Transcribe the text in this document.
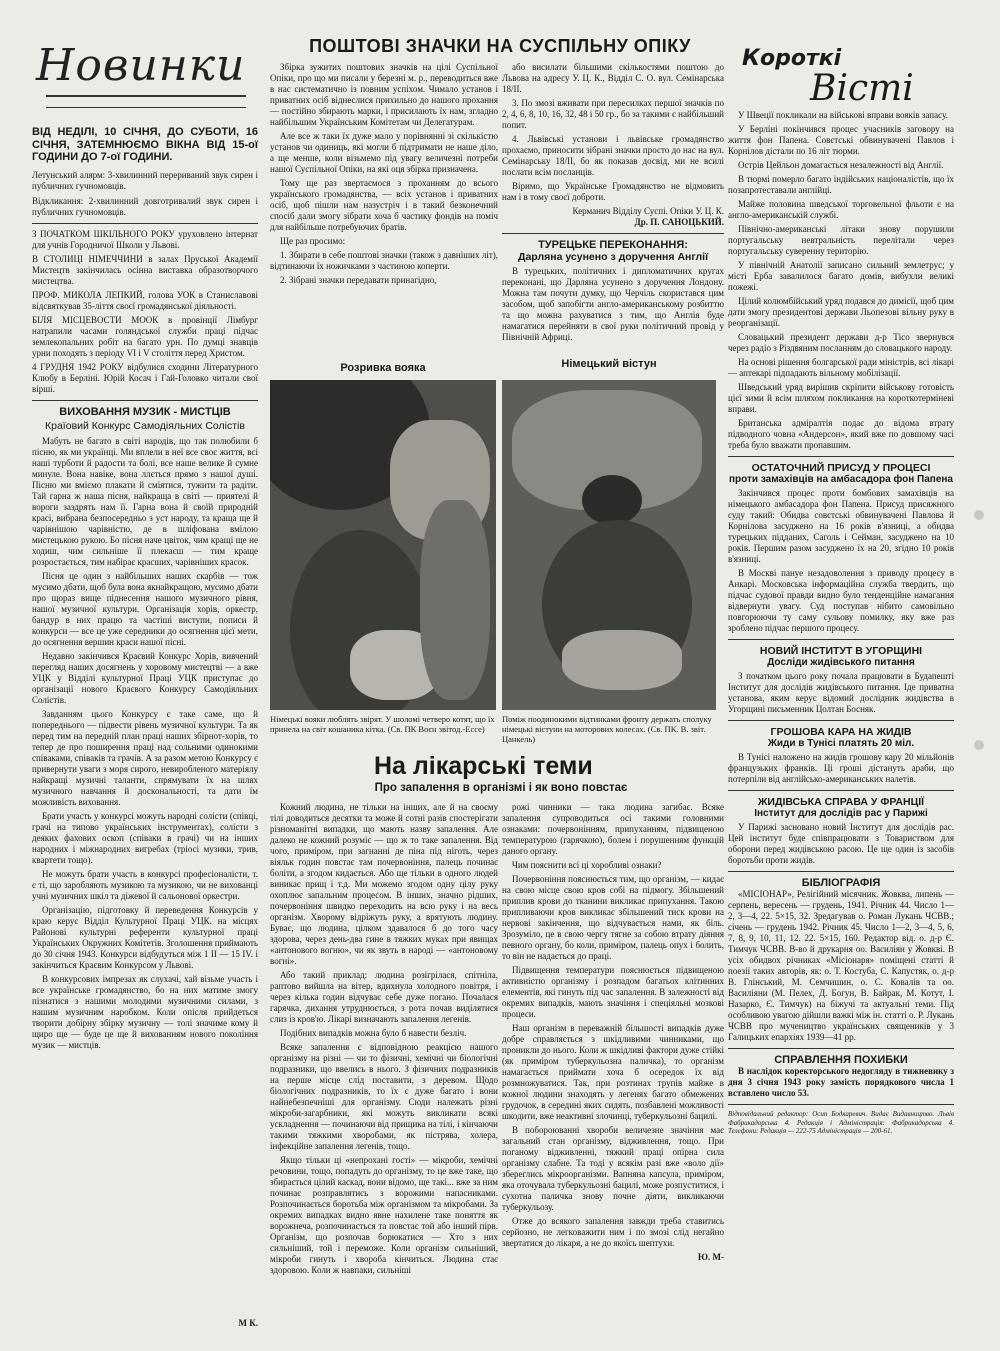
Новинки
ВІД НЕДІЛІ, 10 СІЧНЯ, ДО СУБОТИ, 16 СІЧНЯ, ЗАТЕМНЮЄМО ВІКНА ВІД 15-ої ГОДИНИ ДО 7-ої ГОДИНИ.
Летунський алярм: 3-хвилинний перериваний звук сирен і публичних гучномовців.
Відкликання: 2-хвилинний довготривалий звук сирен і публичних гучномовців.
З ПОЧАТКОМ ШКІЛЬНОГО РОКУ уруховлено інтернат для учнів Городничої Школи у Львові.
В СТОЛИЦІ НІМЕЧЧИНИ в залах Пруської Академії Мистецтв закінчилась осінна виставка образотворчого мистецтва.
ПРОФ. МИКОЛА ЛЕПКИЙ, голова УОК в Станиславові відсвяткував 35-ліття своєї громадянської діяльності.
БІЛЯ МІСЦЕВОСТИ МООК в провінції Лімбург натрапили часами голяндської служби праці підчас землекопальних робіт на багато урн. По думці знавців урни походять з періоду VI і V століття перед Христом.
4 ГРУДНЯ 1942 РОКУ відбулися сходини Літературного Клюбу в Берліні. Юрій Косач і Гай-Головко читали свої вірші.
ВИХОВАННЯ МУЗИК - МИСТЦІВ
Країовий Конкурс Самодіяльних Солістів

Мабуть не багато в світі народів, що так полюбили б пісню, як ми українці. Ми вплели в неї все своє життя, всі наші турботи й радости та болі, все наше велике й сумне минуле. Вона навіке, вона ллється прямо з нашої душі. Пісню ми вміємо плакати й сміятися, тужити та радіти. Тай гарна ж наша пісня, найкраща в світі — приятелі й вороги заздрять нам її. Гарна вона й своїй природній красі, вибрана безпосередньо з уст народу, та краща ще й чарівнішою чарівністю, де в шліфована вмілою мистецькою рукою. Бо пісня наче цвіток, чим кращі ще не ходиш, чим сильніше її плекаєш — тим краще розростається, тим набірає красших, чарівніших красок.

Пісня це один з найбільших наших скарбів — тож мусимо дбати, щоб була вона якнайкращою, мусимо дбати про щораз вище піднесення нашого музичного рівня, нашої музичної культури. Організація хорів, оркестр, бандур в них працю та частіші виступи, пописи й конкурси — все це уже середники до осягнення цієї мети, до осягнення вершин краси нашої пісні.

Недавно закінчився Краєвий Конкурс Хорів, вивчений перегляд наших досягнень у хоровому мистецтві — а вже УЦК у Відділі культурної Праці УЦК приступає до організації нового Краєвого Конкурсу Самодіяльних Солістів.

Завданням цього Конкурсу є таке саме, що й попереднього — підвести рівень музичної культури. Та як перед тим на передній план праці наших збірнот-хорів, то тепер де про поширення праці над сольними одинокими співаками, співаків та грачів. А за разом метою Конкурсу є привернути уваги з моря сирого, невиробленого матеріялу найкращі музичні таланти, спрямувати їх на шлях музичного навчання й доскональності, та дати їм можливість виховання.

Брати участь у конкурсі можуть народні солісти (співці, грачі на типово українських інструментах), солісти з деяких фахових оскоп (співаки в грачі) чи на інших народних і міжнародних вигребах (тріосі музики, трив, квартети тощо).

Не можуть брати участь в конкурсі професіоналісти, т. є ті, що заробляють музикою та музикою, чи не вихованці учні музичних шкіл та діжевої й сальонової оркестри.

Організацію, підготовку й переведення Конкурсів у краю керує Відділ Культурної Праці УЦК. на місцях Районові культурні референти культурної праці Українських Окружних Комітетів. Зголошення приймають до 30 січня 1943. Конкурси відбудуться між 1 II — 15 IV. і закінчиться Краєвим Конкурсом у Львові.

В конкурсових імпрезах як слухачі, хай візьме участь і все українське громадянство, бо на них матиме змогу пізнатися з нашими молодими музичними силами, з нашим музичним наробком. Коли опісля прийдеться творити добірну збірку музичну — толі значиме кому й щиро ще — буде це ще й вихованням нового покоління музик — мистців.

М К.
ПОШТОВІ ЗНАЧКИ НА СУСПІЛЬНУ ОПІКУ

Збірка зужитих поштових значків на цілі Суспільної Опіки, про що ми писали у березні м. р., переводиться вже в нас систематично із повним успіхом. Чимало установ і приватних осіб віднеслися прихильно до нашого прохання — постійно збирають марки, і присилають їх нам, згладно найбільшим Українським Комітетам чи Делегатурам.

Але все ж таки їх дуже мало у порівнянні зі скількістю установ чи одиниць, які могли б підтримати не наше діло, а ще менше, коли візьмемо під увагу величезні потреби нашої Суспільної Опіки, на які оця збірка призначена.

Тому ще раз звертаємося з проханням до всього українського громадянства, — всіх установ і приватних осіб, щоб пішли нам назустріч і в такий безконечний спосіб дали змогу зібрати хоча б частику фондів на поміч для найбільше потребуючих братів.

Ще раз просимо:

1. Збирати в себе поштові значки (також з давніших літ), відтинаючи їх ножичками з частиною коперти.

2. Зібрані значки передавати принагідно,

або висилати більшими скількостями поштою до Львова на адресу У. Ц. К., Відділ С. О. вул. Семінарська 18/II.

3. По змозі вживати при пересилках першої значків по 2, 4, 6, 8, 10, 16, 32, 48 і 50 гр., бо за такими є найбільший попит.

4. Львівські установи і львівське громадянство прохаємо, приносити зібрані значки просто до нас на вул. Семінарську 18/II, бо як показав досвід, ми не всилі послати всім посланців.

Віримо, що Українське Громадянство не відмовить нам і в тому своєї доброти.

Керманич Відділу Суспі. Опіки У. Ц. К.
Др. П. САНОЦЬКИЙ.
ТУРЕЦЬКЕ ПЕРЕКОНАННЯ:
Дарляна усунено з доручення Англії

В турецьких, політичних і дипломатичних кругах переконані, що Дарляна усунено з доручення Лондону. Можна там почути думку, що Черчіль скористався цим засобом, щоб запобігти англо-американському розбиттю та що можна рахуватися з тим, що Англія буде намагатися перейняти в свої руки політичний провід у Північній Африці.

Розривка вояка
Німецькі вояки люблять звірят. У шоломі четверо котят, що їх принела на світ кошаника кітка. (Св. ПК Воєн звітод.-Ессе)
Німецький вістун
Поміж поодинокими відтинками фронту держать сполуку німецькі вістуни на моторових колесах. (Св. ПК. В. звіт. Цанкель)
На лікарські теми
Про запалення в організмі і як воно повстає

Кожний людина, не тільки на інших, але й на своєму тілі доводиться десятки та може й сотні разів спостерігати різноманітні випадки, що мають назву запалення. Але далеко не кожний розуміє — що ж то таке запалення. Від чого, приміром, при загнанні де піна під ніготь, через віяльк годин повстає там почервоніння, палець починає боліти, а згодом кидається. Або ще тільки в одного людей виникає прищ і т.д. Ми можемо згодом одну цілу руку охоплює запальним процесом. В інших, значно рідших, почервоніння швидко переходить на всю руку і на весь організм. Хворому відріжуть руку, а врятують людину. Буває, що людина, цілком здавалося б до того часу здорова, через день-два гине в тяжких муках при явищах «антонового вогню», чи як звуть в народі — «антоновому вогні».

Або такий приклад: людина розігрілася, спітніла, раптово вийшла на вітер, вдихнула холодного повітря, і через кілька годин відчуває себе дуже погано. Почалася гарячка, дихання утруднюється, з рота почав виділятися слиз із кров'ю. Лікарі визначають запалення легенів.

Подібних випадків можна було б навести безліч.

Всяке запалення є відповідною реакцією нашого організму на різні — чи то фізичні, хемічні чи біологічні подразники, що ввелись в нього. З фізичних подразників на перше місце слід поставити, з деревом. Щодо біологічних подразників, то їх є дуже багато і вони найнебезпечніші для організму. Сюди належать різні мікроби-загарбники, які можуть викликати всякі ускладнення — починаючи від прищика на тілі, і кінчаючи такими тяжкими хворобами, як пістрява, холера, інфекційне запалення легенів, тощо.

Якщо тільки ці «непрохані гості» — мікроби, хемічні речовини, тощо, попадуть до організму, то це вже таке, що збирається цілий каскад, вони відомо, ще такі... вже за ним починає розправлятись з ворожими напасниками. Розпочинається боротьба між організмом та мікробами. За окремих випадках видно явне нахилене таке поняття як ворожнеча, розпочинається та повстає той або інший пірв. Організм, що розпочав борюкатися — Хто з них сильніший, той і переможе. Коли організм сильніший, мікроби гинуть і хвороба кінчиться. Людина стає здоровою. Коли ж навпаки, сильніші

рожі чинники — така людина загибає. Всяке запалення супроводиться осі такими головними ознаками: почервонінням, припуханням, підвищеною температурою (гарячкою), болем і порушенням функцій даного органу.

Чим пояснити всі ці хоробливі ознаки?

Почервоніння пояснюється тим, що організм, — кидає на свою місце свою кров собі на підмогу. Збільшений приплив крови до тканини викликає припухання. Такою припливаючи кров викликає збільшений тиск крови на нервові закінчення, що відчувається нами, як біль. Зрозуміло, це в свою чергу тягне за собою втрату діяння певного органу, бо коли, приміром, палець опух і болить, то він не надається до праці.

Підвищення температури пояснюється підвищеною активністю організму і розпадом багатьох клітинних елементів, які гинуть під час запалення. В залежності від окремих випадків, мають значіння і спеціяльні мозкові процеси.

Наш організм в переважній більшості випадків дуже добре справляється з шкідливими чинниками, що проникли до нього. Коли ж шкідливі фактори дуже стійкі (як приміром туберкульозна паличка), то організм намагається приймати хоча б осередок їх від розмножуватися. Так, при розтинах трупів майже в кожної людини знаходять у легенях багато обмежених грудочок, в середині яких сидять, позбавлені можливості шкодити, вже неактивні злочинці, туберкульозні бацилі.

В побороюванні хвороби величезне значіння має загальний стан організму, відживлення, тощо. При поганому відживленні, тяжкий праці опірна сила організму слабне. Та тоді у всякім разі вже «воло дії» збереглись мікроорганізми. Вапняна капсула, приміром, яка оточувала туберкульозні бацилі, може розпуститися, і сухотна паличка знову почне діяти, викликаючи туберкульозу.

Отже до всякого запалення завжди треба ставитись серйозно, не легковажити ним і по змозі слід негайно звертатися до лікаря, а не до якоїсь шептухи.

Ю. М-
Короткі
Вісті

У Швеції покликали на військові вправи вояків запасу.

У Берліні покінчився процес учасників заговору на життя фон Папена. Совєтські обвинувачені Павлов і Корнілов дістали по 16 літ тюрми.

Острів Цейльон домагається незалежності від Англії.

В тюрмі померло багато індійських націоналістів, що їх позапротеставали англійці.

Майже половина шведської торговельної фльоти є на англо-американській службі.

Північно-американські літаки знову порушили португальську невтральність перелітали через португальську суверенну територію.

У північній Анатолії записано сильний землетрус; у місті Ерба завалилося багато домів, вибухли великі пожежі.

Цілий колюмбійський уряд подався до димісії, щоб цим дати змогу президентові держави Льопезові вільну руку в реорганізації.

Словацький президент держави д-р Тісо звернувся через радіо з Різдвяним посланням до словацького народу.

На основі рішення болгарської ради міністрів, всі лікарі — аптекарі підпадають вільному мобілізації.

Шведський уряд вирішив скріпити військову готовість цієї зими й всім шляхом покликання на короткотерміневі вправи.

Британська адміралтія подає до відома втрату підводного човна «Андерсон», який вже по довшому часі треба було вважати пропавшим.

ОСТАТОЧНИЙ ПРИСУД У ПРОЦЕСІ
проти замахівців на амбасадора фон Папена

Закінчився процес проти бомбових замахівців на німецького амбасадора фон Папена. Присуд присяжного суду такий: Обидва совєтські обвинувачені Павлова й Корнілова засуджено на 16 років в'язниці, а обидва турецьких підданих, Саголь і Сейман, засуджено на 10 років. Першим разом засуджено їх на 20, згідно 10 років в'язниці.

В Москві пануе незадоволення з приводу процесу в Анкарі. Московська інформаційна служба твердить, що підчас судової правди видно було тенденційне намагання відвернути увагу. Суд поступав нібито самовільно повгорюючи ту саму сульову помилку, яку вже раз зроблено підчас першого процесу.

НОВИЙ ІНСТИТУТ В УГОРЩИНІ
Досліди жидівського питання

З початком цього року почала працювати в Будапешті Інститут для дослідів жидівського питання. Іде приватна установа, яким керує відомий дослідник жидівства в Угорщині письменник Цолтан Босняк.

ГРОШОВА КАРА НА ЖИДІВ
Жиди в Тунісі платять 20 міл.

В Тунісі наложено на жидів грошову кару 20 мільйонів французьких франків. Ці гроші дістануть араби, що потерпіли від англійсько-американських налетів.

ЖИДІВСЬКА СПРАВА У ФРАНЦІЇ
Інститут для дослідів рас у Парижі

У Парижі засновано новий Інститут для дослідів рас. Цей інститут буде співпрацювати з Товариством для оборони перед жидівською расою. Це ще один із засобів боротьби проти жидів.

БІБЛІОГРАФІЯ

«МІСІОНАР», Релігійний місячник. Жовква, липень — серпень, вересень — грудень, 1941. Річник 44. Число 1—2, 3—4, 22. 5×15, 32. Зредагував о. Роман Лукань ЧСВВ.; січень — грудень 1942. Річник 45. Число 1—2, 3—4, 5, 6, 7, 8, 9, 10, 11, 12. 22. 5×15, 160. Редактор від. о. д-р Є. Тимчук ЧСВВ. В-во й друкарня оо. Василіян у Жовкві. В усіх обидвох річниках «Місіонаря» поміщені статті й поезії таких авторів, як: о. Т. Костуба, С. Капустяк, о. д-р В. Глінський, М. Семчишин, о. С. Ковалів та оо. Василіяни (М. Пелех, Д. Богун, В. Байрак, М. Котут, І. Назарко, Є. Тимчук) на біжучі та актуальні теми. Під особливою увагою дійшли важкі між ін. статті о. Р. Лукань ЧСВВ про мучеництво українських священиків у 3 Галицьких епархіях 1939—41 рр.

СПРАВЛЕННЯ ПОХИБКИ

В наслідок коректорського недогляду в тижневику з дня 3 січня 1943 року замість порядкового числа 1 вставлено число 53.

Відповідальний редактор: Осип Бодкаревич. Видає Видавництво. Львів Фабрикадорська 4. Редакція і Адміністрація: Фабрикадорська 4. Телефони: Редакція — 222-75 Адміністрація — 200-61.
